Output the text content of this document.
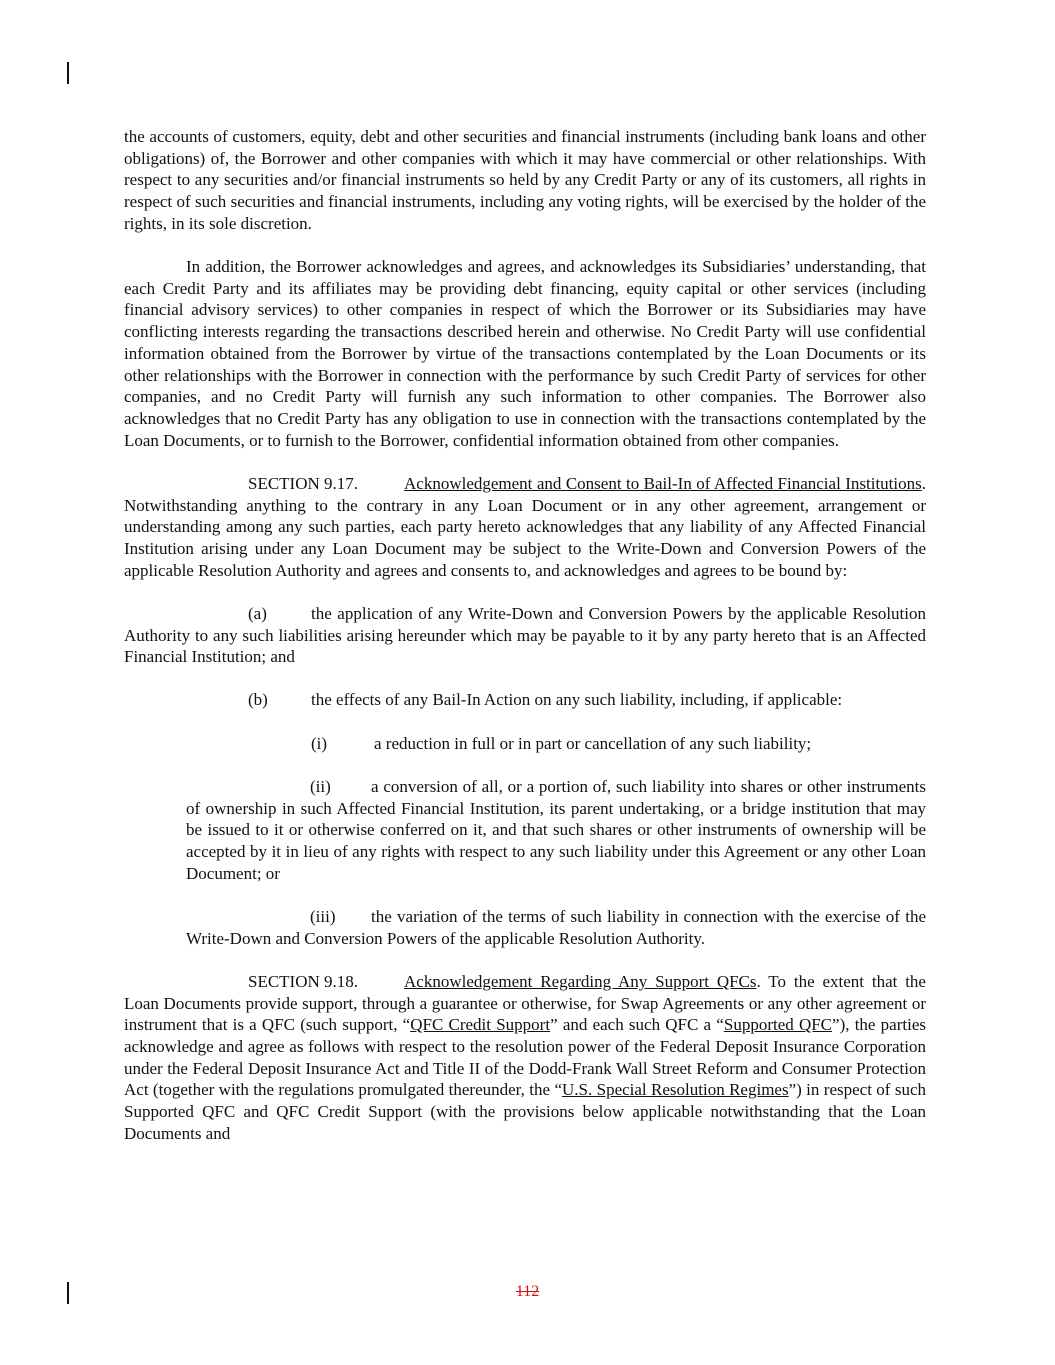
the accounts of customers, equity, debt and other securities and financial instruments (including bank loans and other obligations) of, the Borrower and other companies with which it may have commercial or other relationships. With respect to any securities and/or financial instruments so held by any Credit Party or any of its customers, all rights in respect of such securities and financial instruments, including any voting rights, will be exercised by the holder of the rights, in its sole discretion.

In addition, the Borrower acknowledges and agrees, and acknowledges its Subsidiaries’ understanding, that each Credit Party and its affiliates may be providing debt financing, equity capital or other services (including financial advisory services) to other companies in respect of which the Borrower or its Subsidiaries may have conflicting interests regarding the transactions described herein and otherwise. No Credit Party will use confidential information obtained from the Borrower by virtue of the transactions contemplated by the Loan Documents or its other relationships with the Borrower in connection with the performance by such Credit Party of services for other companies, and no Credit Party will furnish any such information to other companies. The Borrower also acknowledges that no Credit Party has any obligation to use in connection with the transactions contemplated by the Loan Documents, or to furnish to the Borrower, confidential information obtained from other companies.

SECTION 9.17.	Acknowledgement and Consent to Bail-In of Affected Financial Institutions. Notwithstanding anything to the contrary in any Loan Document or in any other agreement, arrangement or understanding among any such parties, each party hereto acknowledges that any liability of any Affected Financial Institution arising under any Loan Document may be subject to the Write-Down and Conversion Powers of the applicable Resolution Authority and agrees and consents to, and acknowledges and agrees to be bound by:

(a)	the application of any Write-Down and Conversion Powers by the applicable Resolution Authority to any such liabilities arising hereunder which may be payable to it by any party hereto that is an Affected Financial Institution; and

(b)	the effects of any Bail-In Action on any such liability, including, if applicable:

(i)	a reduction in full or in part or cancellation of any such liability;

(ii) a conversion of all, or a portion of, such liability into shares or other instruments of ownership in such Affected Financial Institution, its parent undertaking, or a bridge institution that may be issued to it or otherwise conferred on it, and that such shares or other instruments of ownership will be accepted by it in lieu of any rights with respect to any such liability under this Agreement or any other Loan Document; or

(iii) the variation of the terms of such liability in connection with the exercise of the Write-Down and Conversion Powers of the applicable Resolution Authority.

SECTION 9.18.	Acknowledgement Regarding Any Support QFCs. To the extent that the Loan Documents provide support, through a guarantee or otherwise, for Swap Agreements or any other agreement or instrument that is a QFC (such support, “QFC Credit Support” and each such QFC a “Supported QFC”), the parties acknowledge and agree as follows with respect to the resolution power of the Federal Deposit Insurance Corporation under the Federal Deposit Insurance Act and Title II of the Dodd-Frank Wall Street Reform and Consumer Protection Act (together with the regulations promulgated thereunder, the “U.S. Special Resolution Regimes”) in respect of such Supported QFC and QFC Credit Support (with the provisions below applicable notwithstanding that the Loan Documents and

112
